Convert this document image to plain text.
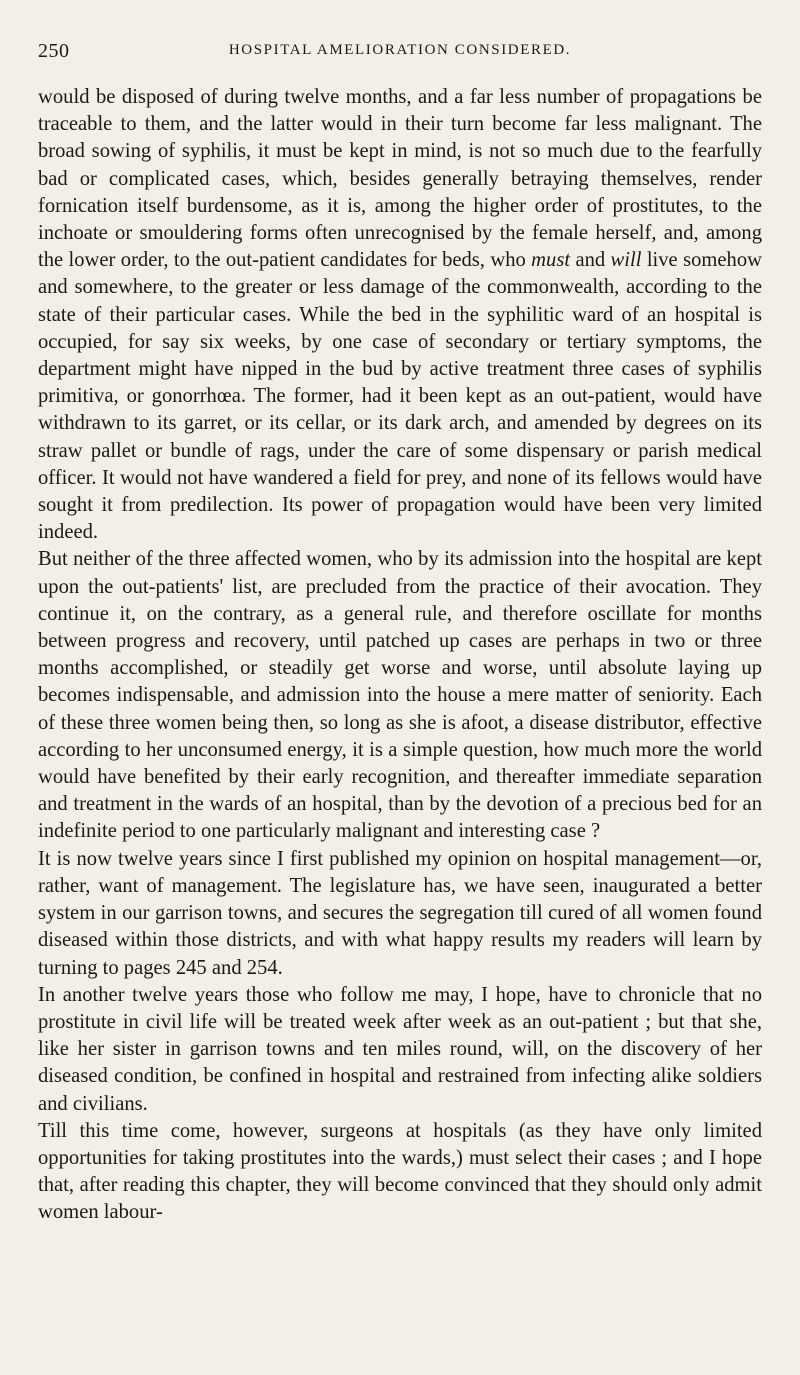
250	HOSPITAL AMELIORATION CONSIDERED.

would be disposed of during twelve months, and a far less number of propagations be traceable to them, and the latter would in their turn become far less malignant. The broad sowing of syphilis, it must be kept in mind, is not so much due to the fearfully bad or complicated cases, which, besides generally betraying themselves, render fornication itself burdensome, as it is, among the higher order of prostitutes, to the inchoate or smouldering forms often unrecognised by the female herself, and, among the lower order, to the out-patient candidates for beds, who must and will live somehow and somewhere, to the greater or less damage of the commonwealth, according to the state of their particular cases. While the bed in the syphilitic ward of an hospital is occupied, for say six weeks, by one case of secondary or tertiary symptoms, the department might have nipped in the bud by active treatment three cases of syphilis primitiva, or gonorrhœa. The former, had it been kept as an out-patient, would have withdrawn to its garret, or its cellar, or its dark arch, and amended by degrees on its straw pallet or bundle of rags, under the care of some dispensary or parish medical officer. It would not have wandered a field for prey, and none of its fellows would have sought it from predilection. Its power of propagation would have been very limited indeed.

But neither of the three affected women, who by its admission into the hospital are kept upon the out-patients' list, are precluded from the practice of their avocation. They continue it, on the contrary, as a general rule, and therefore oscillate for months between progress and recovery, until patched up cases are perhaps in two or three months accomplished, or steadily get worse and worse, until absolute laying up becomes indispensable, and admission into the house a mere matter of seniority. Each of these three women being then, so long as she is afoot, a disease distributor, effective according to her unconsumed energy, it is a simple question, how much more the world would have benefited by their early recognition, and thereafter immediate separation and treatment in the wards of an hospital, than by the devotion of a precious bed for an indefinite period to one particularly malignant and interesting case ?

It is now twelve years since I first published my opinion on hospital management—or, rather, want of management. The legislature has, we have seen, inaugurated a better system in our garrison towns, and secures the segregation till cured of all women found diseased within those districts, and with what happy results my readers will learn by turning to pages 245 and 254.

In another twelve years those who follow me may, I hope, have to chronicle that no prostitute in civil life will be treated week after week as an out-patient ; but that she, like her sister in garrison towns and ten miles round, will, on the discovery of her diseased condition, be confined in hospital and restrained from infecting alike soldiers and civilians.

Till this time come, however, surgeons at hospitals (as they have only limited opportunities for taking prostitutes into the wards,) must select their cases ; and I hope that, after reading this chapter, they will become convinced that they should only admit women labour-
